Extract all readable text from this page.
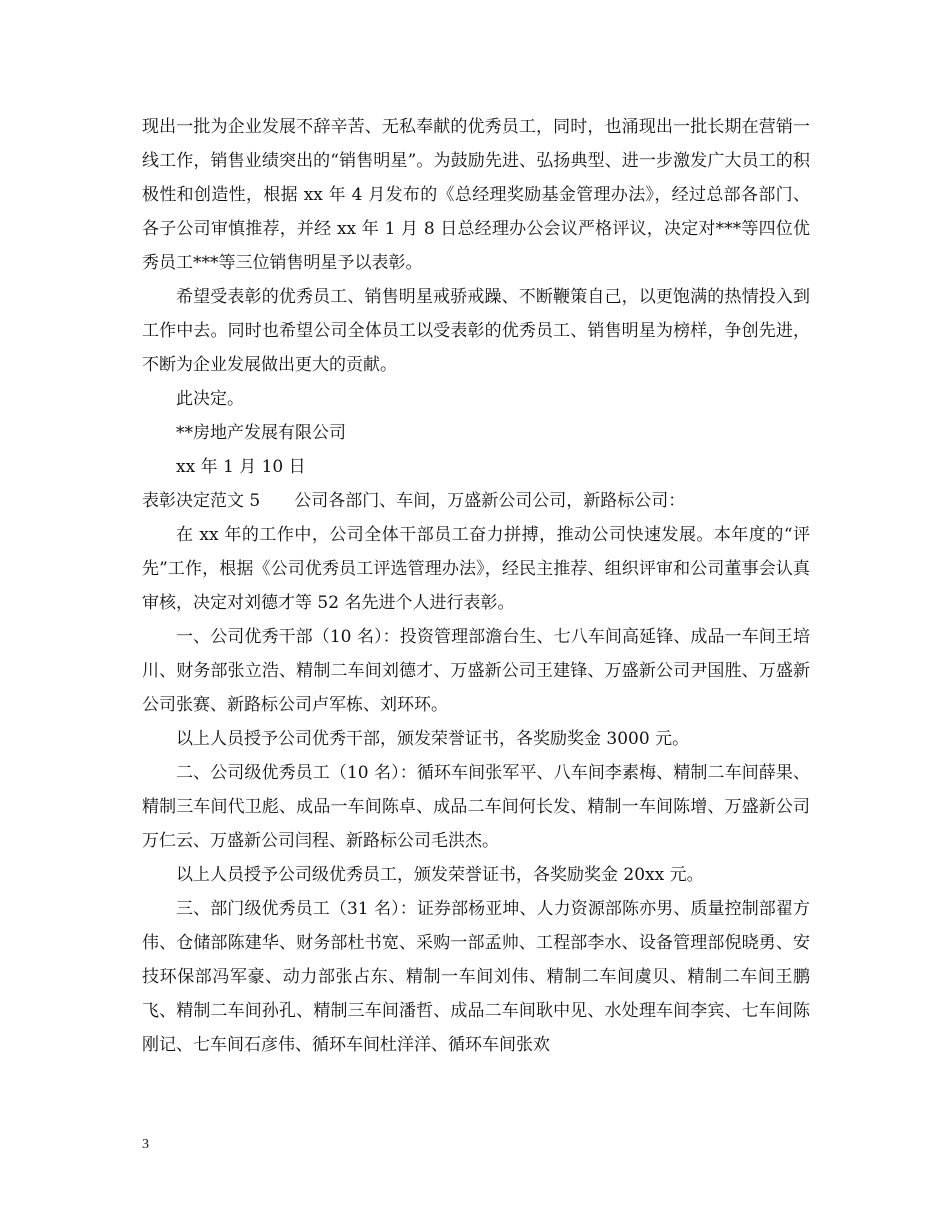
现出一批为企业发展不辞辛苦、无私奉献的优秀员工，同时，也涌现出一批长期在营销一线工作，销售业绩突出的“销售明星”。为鼓励先进、弘扬典型、进一步激发广大员工的积极性和创造性，根据 xx 年 4 月发布的《总经理奖励基金管理办法》，经过总部各部门、各子公司审慎推荐，并经 xx 年 1 月 8 日总经理办公会议严格评议，决定对***等四位优秀员工***等三位销售明星予以表彰。

希望受表彰的优秀员工、销售明星戒骄戒躁、不断鞭策自己，以更饱满的热情投入到工作中去。同时也希望公司全体员工以受表彰的优秀员工、销售明星为榜样，争创先进，不断为企业发展做出更大的贡献。

此决定。

**房地产发展有限公司

xx 年 1 月 10 日

表彰决定范文 5　　公司各部门、车间，万盛新公司公司，新路标公司：

在 xx 年的工作中，公司全体干部员工奋力拼搏，推动公司快速发展。本年度的“评先”工作，根据《公司优秀员工评选管理办法》，经民主推荐、组织评审和公司董事会认真审核，决定对刘德才等 52 名先进个人进行表彰。

一、公司优秀干部（10 名）：投资管理部澹台生、七八车间高延锋、成品一车间王培川、财务部张立浩、精制二车间刘德才、万盛新公司王建锋、万盛新公司尹国胜、万盛新公司张赛、新路标公司卢军栋、刘环环。

以上人员授予公司优秀干部，颁发荣誉证书，各奖励奖金 3000 元。

二、公司级优秀员工（10 名）：循环车间张军平、八车间李素梅、精制二车间薛果、精制三车间代卫彪、成品一车间陈卓、成品二车间何长发、精制一车间陈增、万盛新公司万仁云、万盛新公司闫程、新路标公司毛洪杰。

以上人员授予公司级优秀员工，颁发荣誉证书，各奖励奖金 20xx 元。

三、部门级优秀员工（31 名）：证券部杨亚坤、人力资源部陈亦男、质量控制部翟方伟、仓储部陈建华、财务部杜书宽、采购一部孟帅、工程部李水、设备管理部倪晓勇、安技环保部冯军豪、动力部张占东、精制一车间刘伟、精制二车间虞贝、精制二车间王鹏飞、精制二车间孙孔、精制三车间潘哲、成品二车间耿中见、水处理车间李宾、七车间陈刚记、七车间石彦伟、循环车间杜洋洋、循环车间张欢

3
